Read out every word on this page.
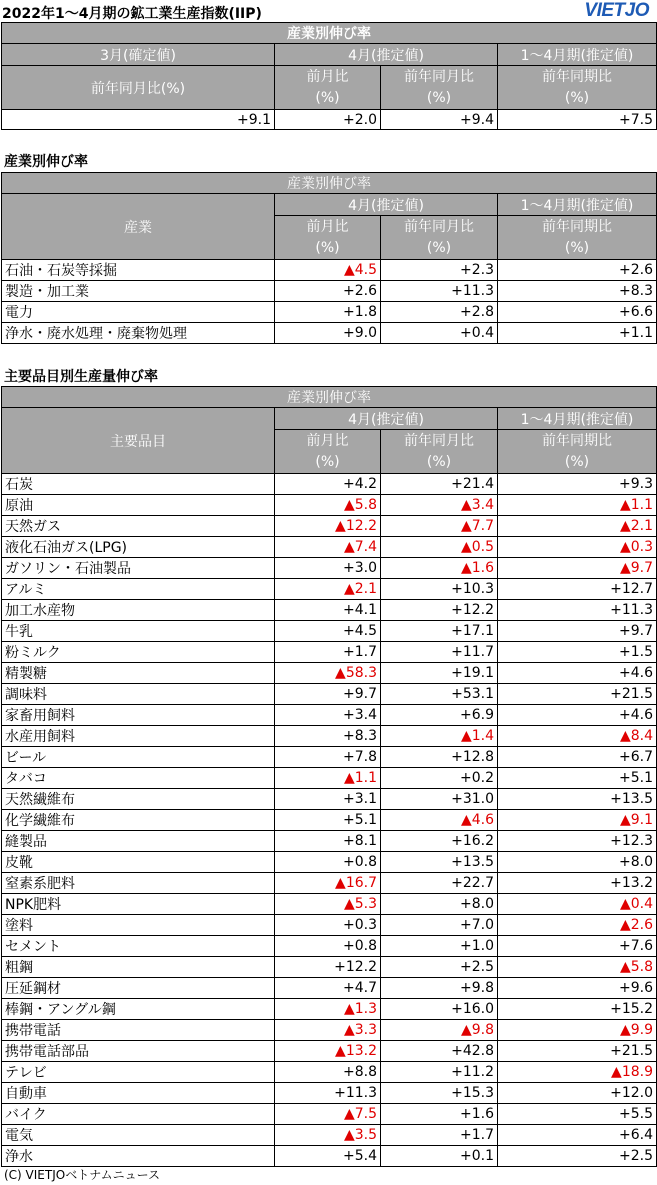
2022年1～4月期の鉱工業生産指数(IIP)	VIETJO
産業別伸び率			
3月(確定値)	4月(推定値)		1～4月期(推定値)
前年同月比(%)	前月比
(%)	前年同月比
(%)	前年同期比
(%)
+9.1	+2.0	+9.4	+7.5
産業別伸び率
産業別伸び率			
産業	4月(推定値)		1～4月期(推定値)
	前月比
(%)	前年同月比
(%)	前年同期比
(%)
石油・石炭等採掘	▲4.5	+2.3	+2.6
製造・加工業	+2.6	+11.3	+8.3
電力	+1.8	+2.8	+6.6
浄水・廃水処理・廃棄物処理	+9.0	+0.4	+1.1
主要品目別生産量伸び率
産業別伸び率			
主要品目	4月(推定値)		1～4月期(推定値)
	前月比
(%)	前年同月比
(%)	前年同期比
(%)
石炭	+4.2	+21.4	+9.3
原油	▲5.8	▲3.4	▲1.1
天然ガス	▲12.2	▲7.7	▲2.1
液化石油ガス(LPG)	▲7.4	▲0.5	▲0.3
ガソリン・石油製品	+3.0	▲1.6	▲9.7
アルミ	▲2.1	+10.3	+12.7
加工水産物	+4.1	+12.2	+11.3
牛乳	+4.5	+17.1	+9.7
粉ミルク	+1.7	+11.7	+1.5
精製糖	▲58.3	+19.1	+4.6
調味料	+9.7	+53.1	+21.5
家畜用飼料	+3.4	+6.9	+4.6
水産用飼料	+8.3	▲1.4	▲8.4
ビール	+7.8	+12.8	+6.7
タバコ	▲1.1	+0.2	+5.1
天然繊維布	+3.1	+31.0	+13.5
化学繊維布	+5.1	▲4.6	▲9.1
縫製品	+8.1	+16.2	+12.3
皮靴	+0.8	+13.5	+8.0
窒素系肥料	▲16.7	+22.7	+13.2
NPK肥料	▲5.3	+8.0	▲0.4
塗料	+0.3	+7.0	▲2.6
セメント	+0.8	+1.0	+7.6
粗鋼	+12.2	+2.5	▲5.8
圧延鋼材	+4.7	+9.8	+9.6
棒鋼・アングル鋼	▲1.3	+16.0	+15.2
携帯電話	▲3.3	▲9.8	▲9.9
携帯電話部品	▲13.2	+42.8	+21.5
テレビ	+8.8	+11.2	▲18.9
自動車	+11.3	+15.3	+12.0
バイク	▲7.5	+1.6	+5.5
電気	▲3.5	+1.7	+6.4
浄水	+5.4	+0.1	+2.5
(C) VIETJOベトナムニュース
